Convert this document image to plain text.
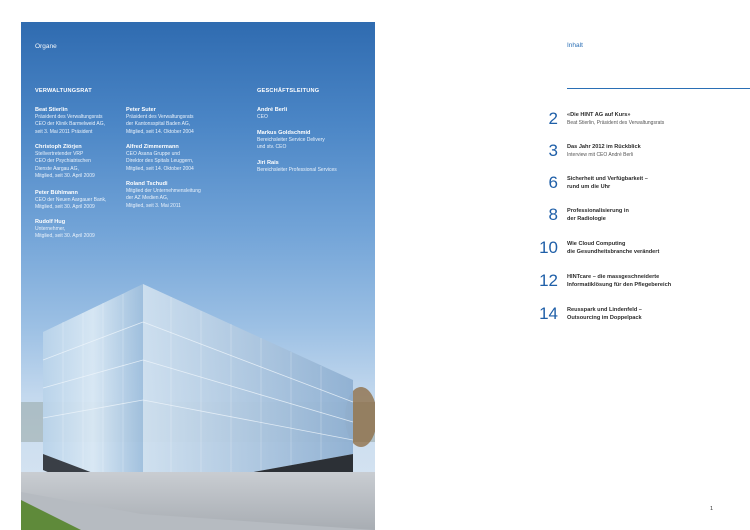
Organe
VERWALTUNGSRAT
Beat Stierlin
Präsident des Verwaltungsrats
CEO der Klinik Barmelweid AG,
seit 3. Mai 2011 Präsident
Christoph Zlörjen
Stellvertretender VRP
CEO der Psychiatrischen
Dienste Aargau AG,
Mitglied, seit 30. April 2009
Peter Bühlmann
CEO der Neuen Aargauer Bank,
Mitglied, seit 30. April 2009
Rudolf Hug
Unternehmer,
Mitglied, seit 30. April 2009
Peter Suter
Präsident des Verwaltungsrats
der Kantonsspital Baden AG,
Mitglied, seit 14. Oktober 2004
Alfred Zimmermann
CEO Asana Gruppe und
Direktor des Spitals Leuggern,
Mitglied, seit 14. Oktober 2004
Roland Tschudi
Mitglied der Unternehmensleitung
der AZ Medien AG,
Mitglied, seit 3. Mai 2011
GESCHÄFTSLEITUNG
André Berli
CEO
Markus Goldschmid
Bereichsleiter Service Delivery
und stv. CEO
Jiri Rais
Bereichsleiter Professional Services
Inhalt
2 «Die HINT AG auf Kurs»
Beat Stierlin, Präsident des Verwaltungsrats
3 Das Jahr 2012 im Rückblick
Interview mit CEO André Berli
6 Sicherheit und Verfügbarkeit –
rund um die Uhr
8 Professionalisierung in
der Radiologie
10 Wie Cloud Computing
die Gesundheitsbranche verändert
12 HINTcare – die massgeschneiderte
Informatiklösung für den Pflegebereich
14 Reusspark und Lindenfeld –
Outsourcing im Doppelpack
1
